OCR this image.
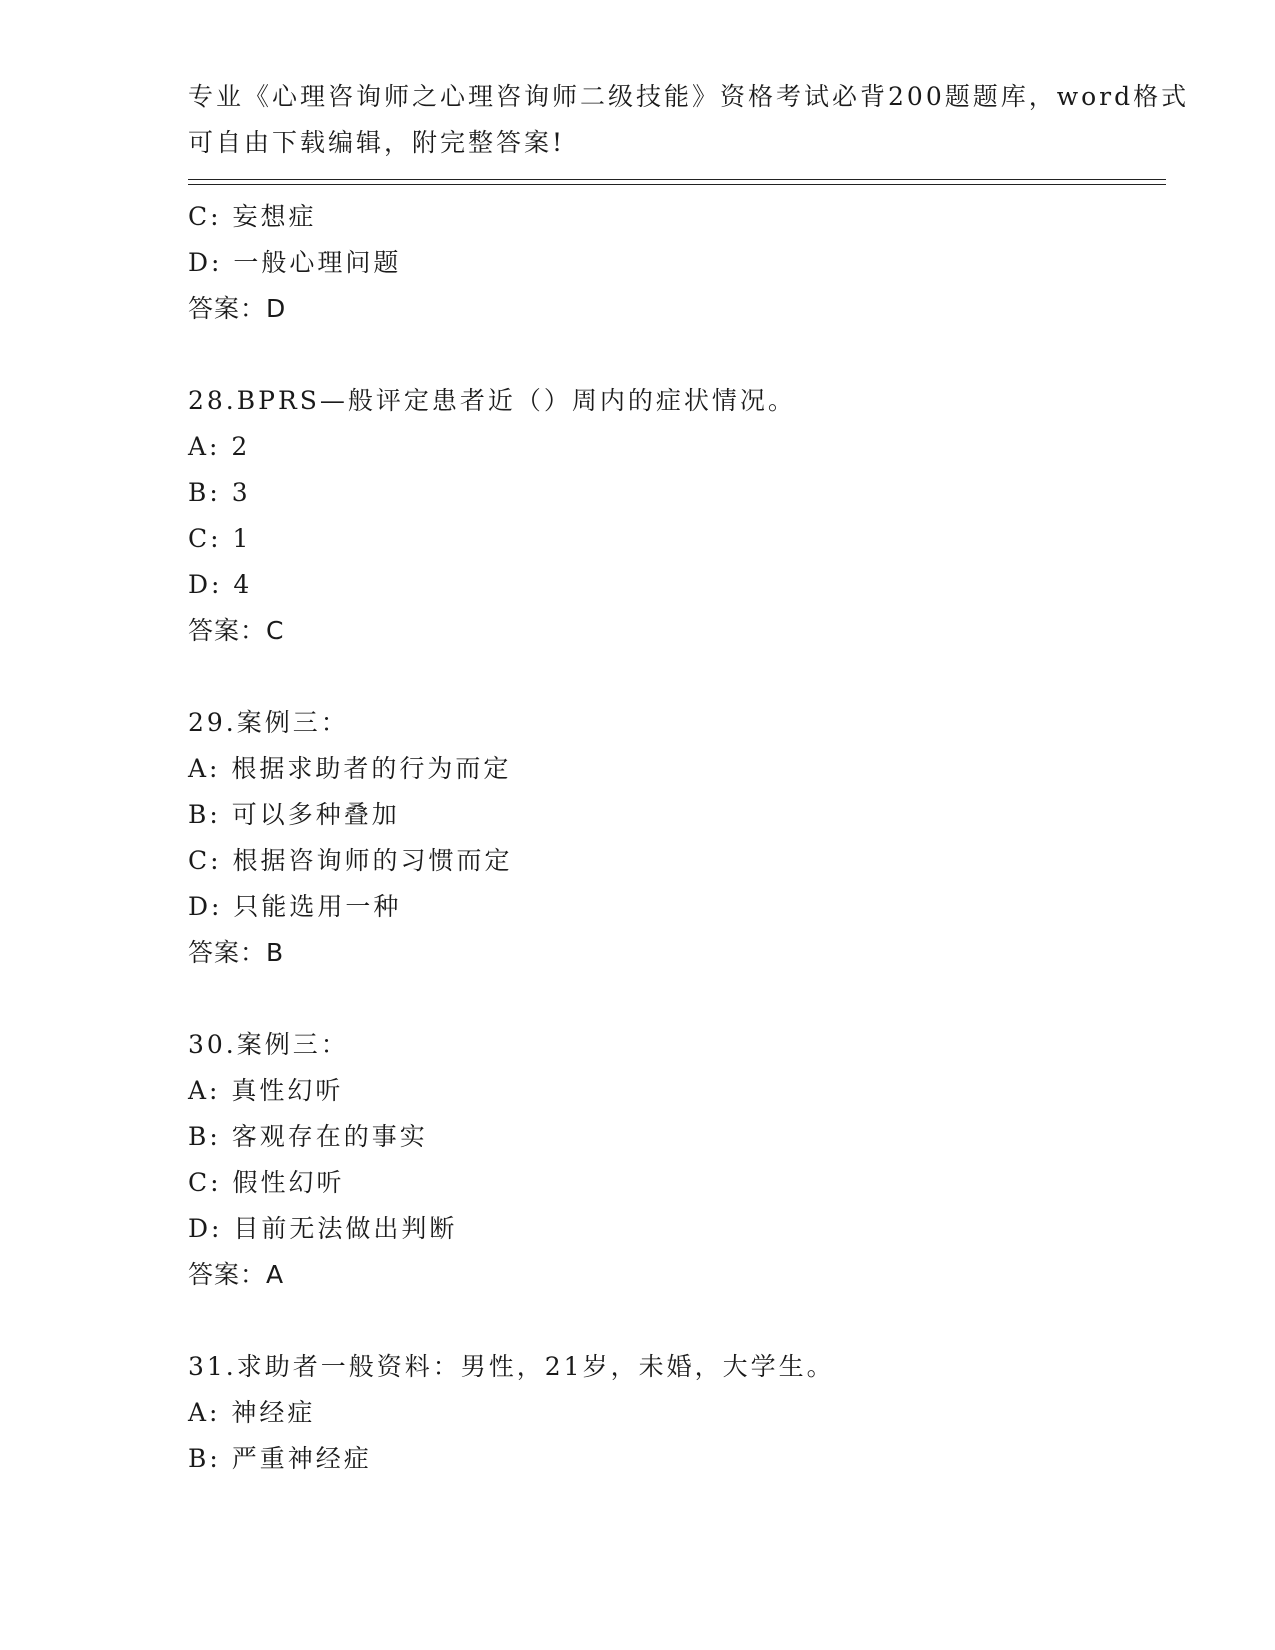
专业《心理咨询师之心理咨询师二级技能》资格考试必背200题题库，word格式
可自由下载编辑，附完整答案!
C: 妄想症
D: 一般心理问题
答案：D
28.BPRS—般评定患者近（）周内的症状情况。
A: 2
B: 3
C: 1
D: 4
答案：C
29.案例三：
A: 根据求助者的行为而定
B: 可以多种叠加
C: 根据咨询师的习惯而定
D: 只能选用一种
答案：B
30.案例三：
A: 真性幻听
B: 客观存在的事实
C: 假性幻听
D: 目前无法做出判断
答案：A
31.求助者一般资料：男性，21岁，未婚，大学生。
A: 神经症
B: 严重神经症
